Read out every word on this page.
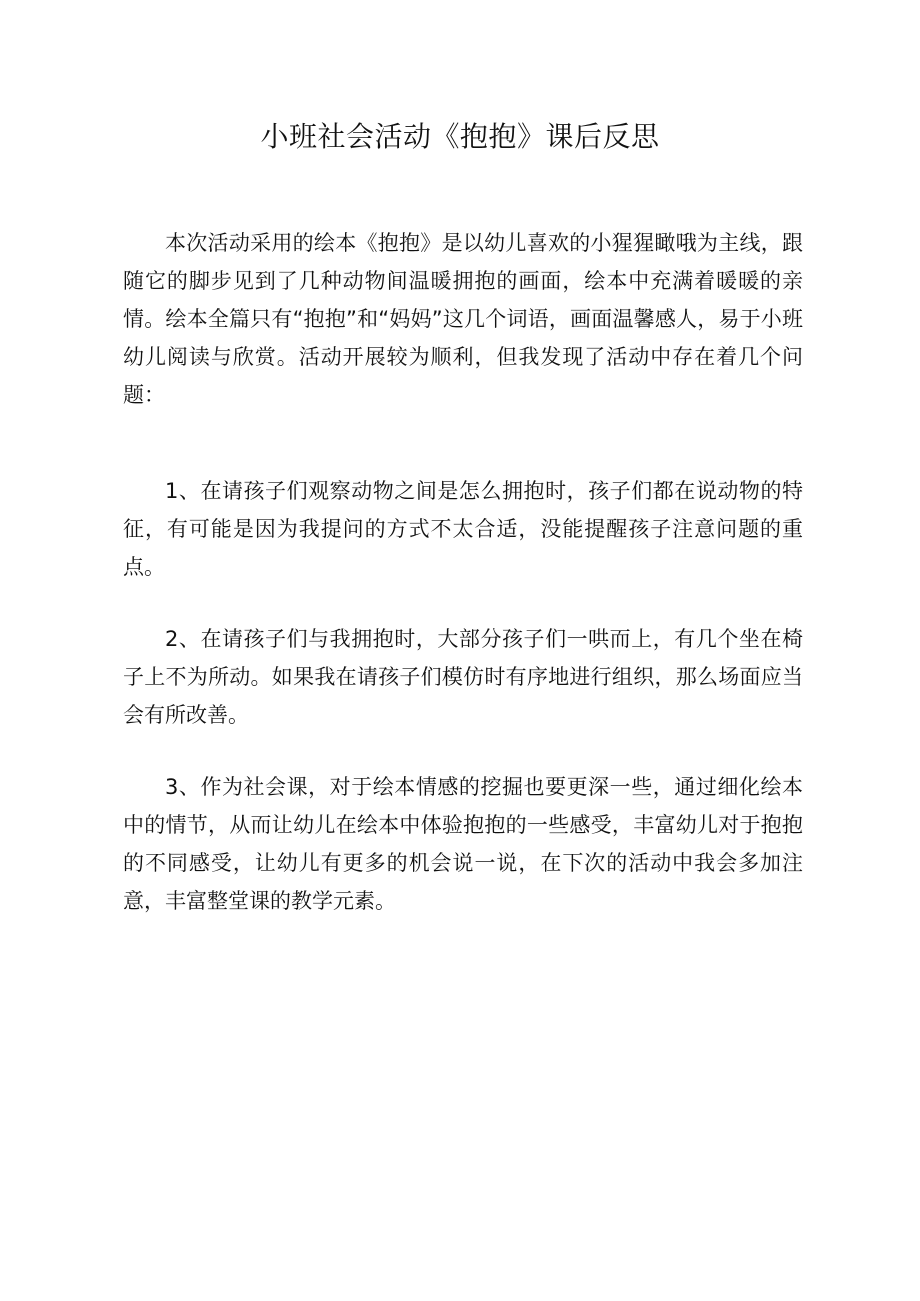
小班社会活动《抱抱》课后反思

本次活动采用的绘本《抱抱》是以幼儿喜欢的小猩猩瞰哦为主线，跟随它的脚步见到了几种动物间温暖拥抱的画面，绘本中充满着暖暖的亲情。绘本全篇只有“抱抱”和“妈妈”这几个词语，画面温馨感人，易于小班幼儿阅读与欣赏。活动开展较为顺利，但我发现了活动中存在着几个问题：

1、在请孩子们观察动物之间是怎么拥抱时，孩子们都在说动物的特征，有可能是因为我提问的方式不太合适，没能提醒孩子注意问题的重点。

2、在请孩子们与我拥抱时，大部分孩子们一哄而上，有几个坐在椅子上不为所动。如果我在请孩子们模仿时有序地进行组织，那么场面应当会有所改善。

3、作为社会课，对于绘本情感的挖掘也要更深一些，通过细化绘本中的情节，从而让幼儿在绘本中体验抱抱的一些感受，丰富幼儿对于抱抱的不同感受，让幼儿有更多的机会说一说，在下次的活动中我会多加注意，丰富整堂课的教学元素。
